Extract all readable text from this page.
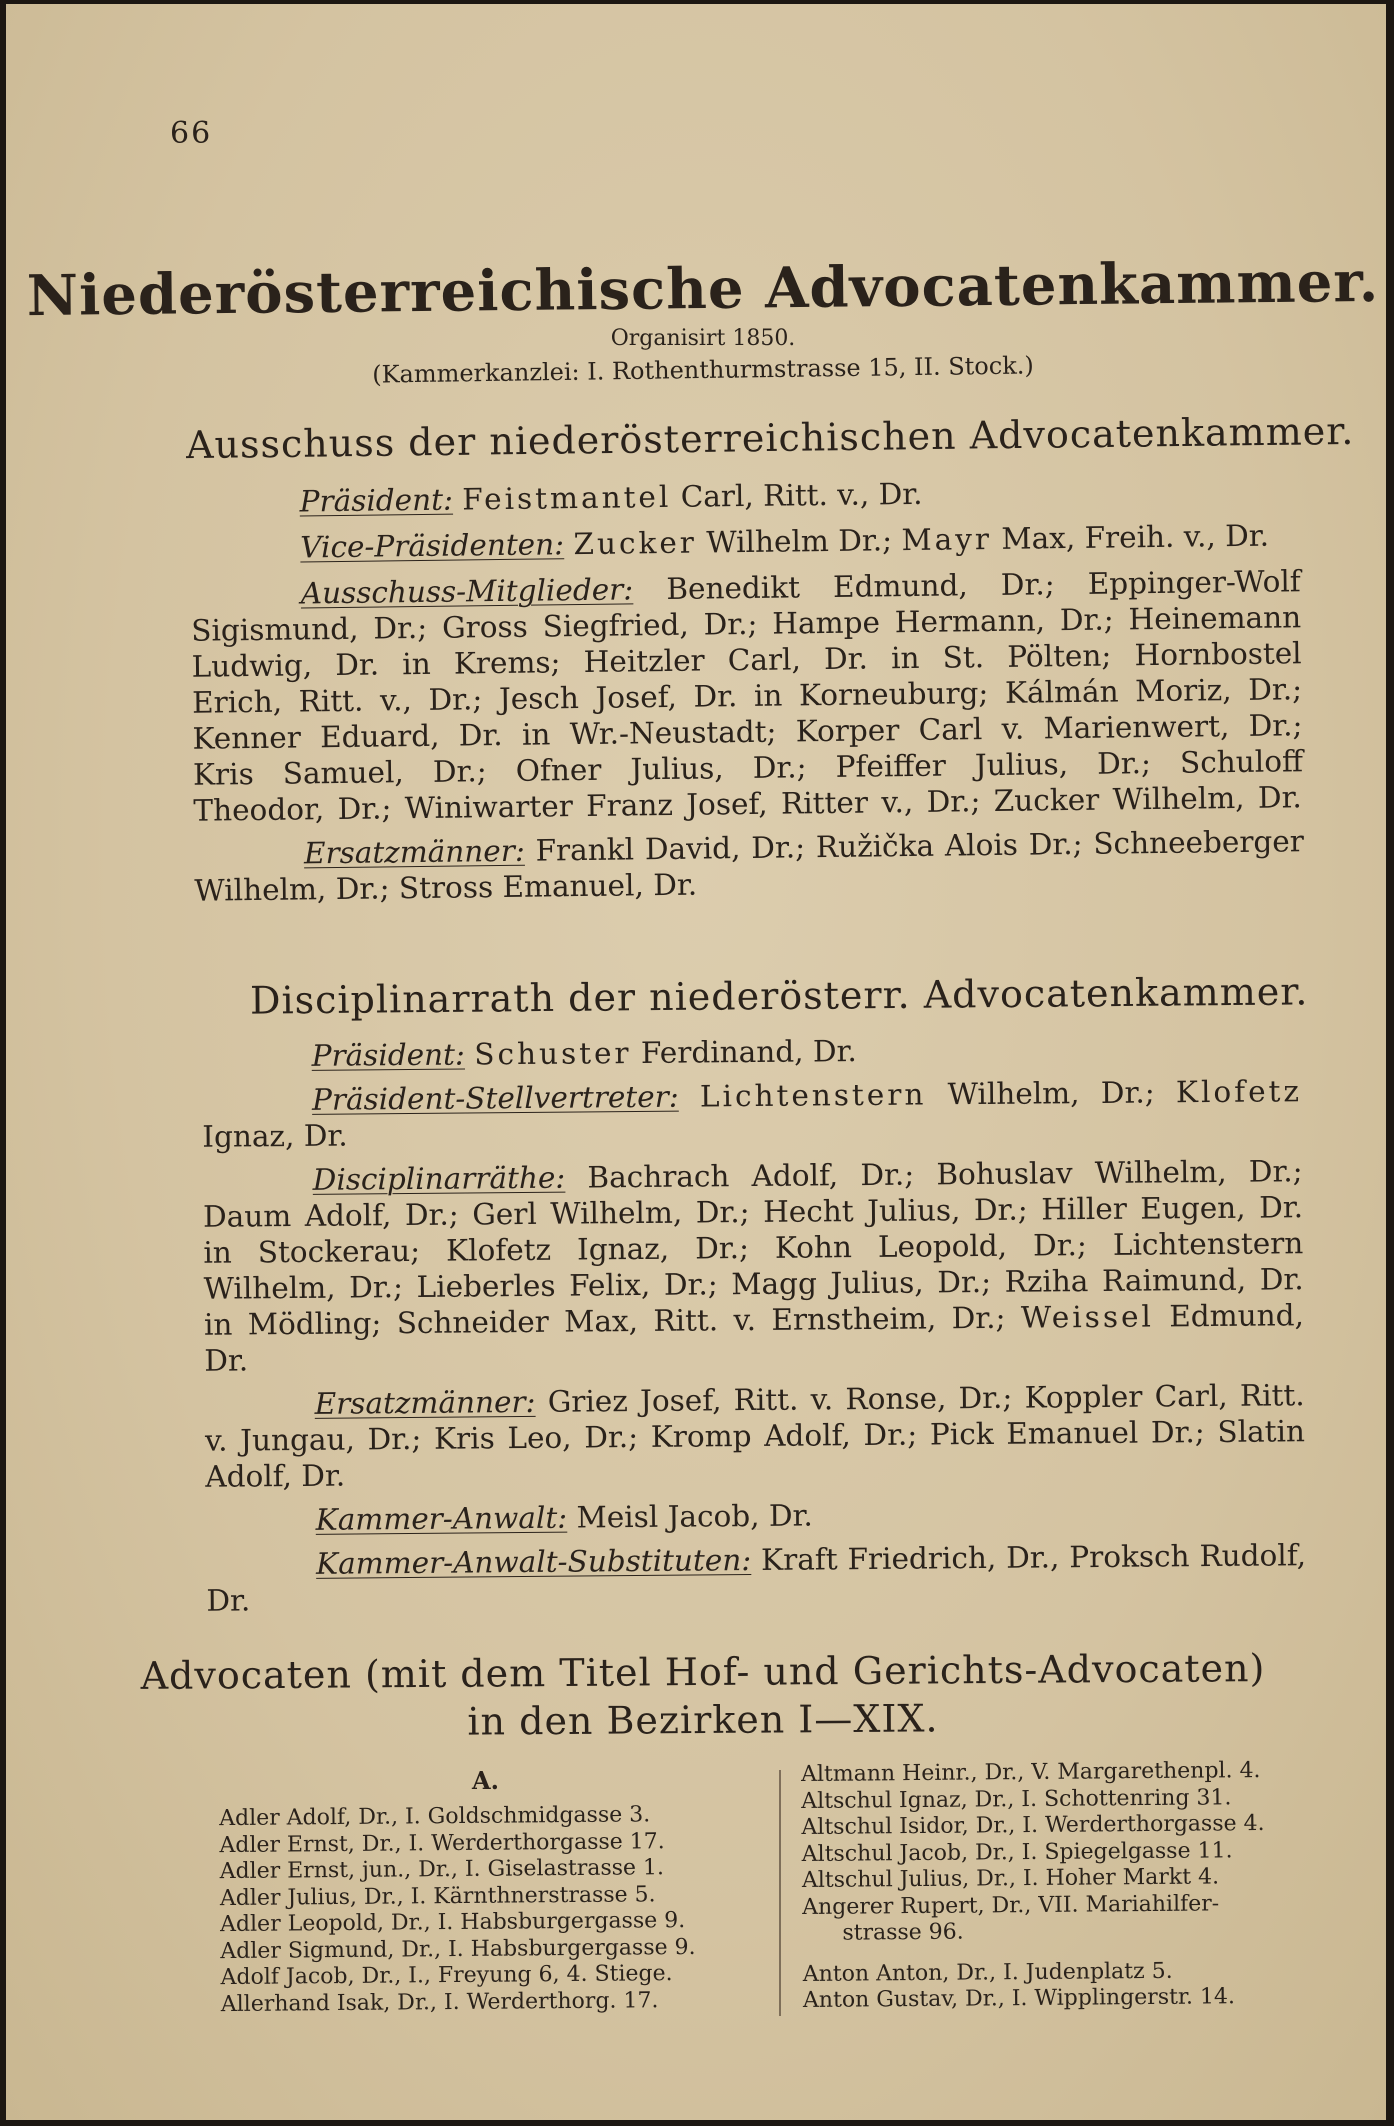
66
Niederösterreichische Advocatenkammer.
Organisirt 1850.
(Kammerkanzlei: I. Rothenthurmstrasse 15, II. Stock.)
Ausschuss der niederösterreichischen Advocatenkammer.

Präsident: Feistmantel Carl, Ritt. v., Dr.

Vice-Präsidenten: Zucker Wilhelm Dr.; Mayr Max, Freih. v., Dr.

Ausschuss-Mitglieder: Benedikt Edmund, Dr.; Eppinger-Wolf Sigismund, Dr.; Gross Siegfried, Dr.; Hampe Hermann, Dr.; Heinemann Ludwig, Dr. in Krems; Heitzler Carl, Dr. in St. Pölten; Hornbostel Erich, Ritt. v., Dr.; Jesch Josef, Dr. in Korneuburg; Kálmán Moriz, Dr.; Kenner Eduard, Dr. in Wr.-Neustadt; Korper Carl v. Marienwert, Dr.; Kris Samuel, Dr.; Ofner Julius, Dr.; Pfeiffer Julius, Dr.; Schuloff Theodor, Dr.; Winiwarter Franz Josef, Ritter v., Dr.; Zucker Wilhelm, Dr.

Ersatzmänner: Frankl David, Dr.; Ružička Alois Dr.; Schneeberger Wilhelm, Dr.; Stross Emanuel, Dr.

Disciplinarrath der niederösterr. Advocatenkammer.

Präsident: Schuster Ferdinand, Dr.

Präsident-Stellvertreter: Lichtenstern Wilhelm, Dr.; Klofetz Ignaz, Dr.

Disciplinarräthe: Bachrach Adolf, Dr.; Bohuslav Wilhelm, Dr.; Daum Adolf, Dr.; Gerl Wilhelm, Dr.; Hecht Julius, Dr.; Hiller Eugen, Dr. in Stockerau; Klofetz Ignaz, Dr.; Kohn Leopold, Dr.; Lichtenstern Wilhelm, Dr.; Lieberles Felix, Dr.; Magg Julius, Dr.; Rziha Raimund, Dr. in Mödling; Schneider Max, Ritt. v. Ernstheim, Dr.; Weissel Edmund, Dr.

Ersatzmänner: Griez Josef, Ritt. v. Ronse, Dr.; Koppler Carl, Ritt. v. Jungau, Dr.; Kris Leo, Dr.; Kromp Adolf, Dr.; Pick Emanuel Dr.; Slatin Adolf, Dr.

Kammer-Anwalt: Meisl Jacob, Dr.

Kammer-Anwalt-Substituten: Kraft Friedrich, Dr., Proksch Rudolf, Dr.

Advocaten (mit dem Titel Hof- und Gerichts-Advocaten)
in den Bezirken I—XIX.
A.

Adler Adolf, Dr., I. Goldschmidgasse 3.

Adler Ernst, Dr., I. Werderthorgasse 17.

Adler Ernst, jun., Dr., I. Giselastrasse 1.

Adler Julius, Dr., I. Kärnthnerstrasse 5.

Adler Leopold, Dr., I. Habsburgergasse 9.

Adler Sigmund, Dr., I. Habsburgergasse 9.

Adolf Jacob, Dr., I., Freyung 6, 4. Stiege.

Allerhand Isak, Dr., I. Werderthorg. 17.

Altmann Heinr., Dr., V. Margarethenpl. 4.

Altschul Ignaz, Dr., I. Schottenring 31.

Altschul Isidor, Dr., I. Werderthorgasse 4.

Altschul Jacob, Dr., I. Spiegelgasse 11.

Altschul Julius, Dr., I. Hoher Markt 4.

Angerer Rupert, Dr., VII. Mariahilfer-

strasse 96.

Anton Anton, Dr., I. Judenplatz 5.

Anton Gustav, Dr., I. Wipplingerstr. 14.
